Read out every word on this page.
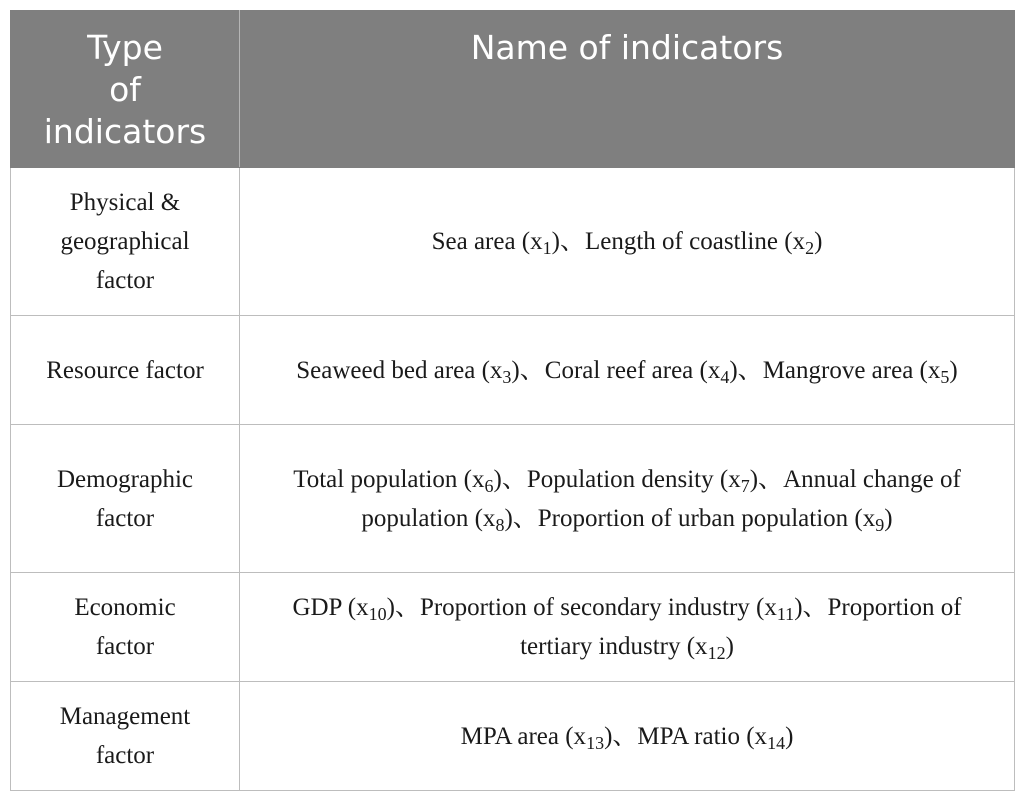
Type
of
indicators	Name of indicators
Physical &
geographical
factor	Sea area $(x_1)$、Length of coastline $(x_2)$
Resource factor	Seaweed bed area $(x_3)$、Coral reef area $(x_4)$、Mangrove area $(x_5)$
Demographic
factor	Total population $(x_6)$、Population density $(x_7)$、Annual change of population $(x_8)$、Proportion of urban population $(x_9)$
Economic
factor	GDP $(x_{10})$、Proportion of secondary industry $(x_{11})$、Proportion of tertiary industry $(x_{12})$
Management
factor	MPA area $(x_{13})$、MPA ratio $(x_{14})$
